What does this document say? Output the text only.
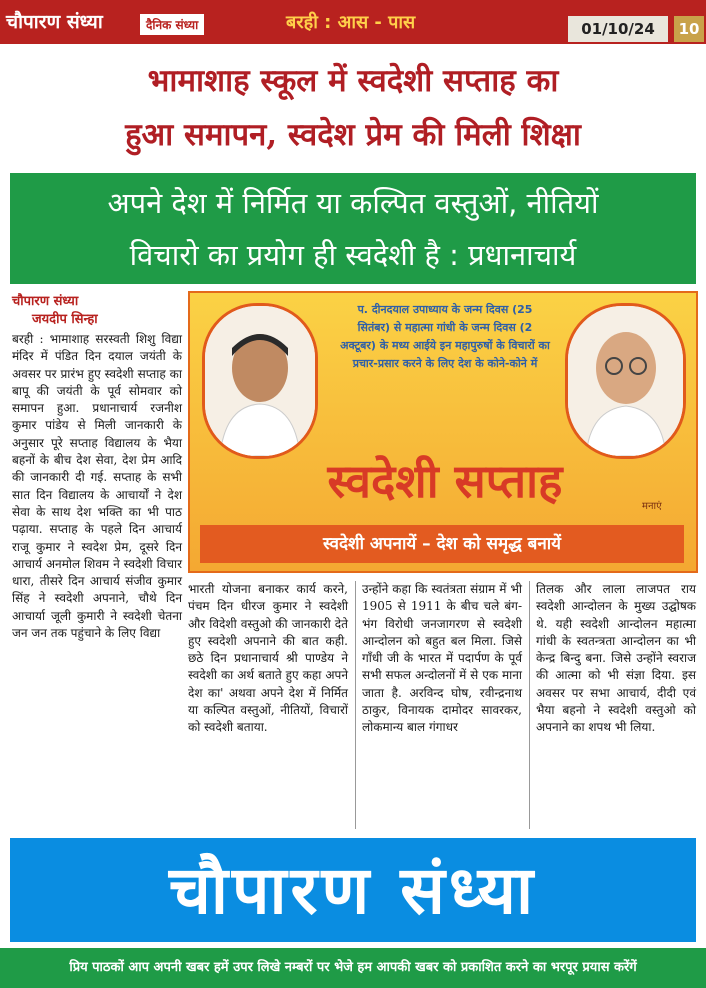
चौपारण संध्या	दैनिक संध्या	बरही : आस - पास	01/10/24	10
भामाशाह स्कूल में स्वदेशी सप्ताह का
हुआ समापन, स्वदेश प्रेम की मिली शिक्षा
अपने देश में निर्मित या कल्पित वस्तुओं, नीतियों
विचारो का प्रयोग ही स्वदेशी है : प्रधानाचार्य
चौपारण संध्या
जयदीप सिन्हा
बरही : भामाशाह सरस्वती शिशु विद्या मंदिर में पंडित दिन दयाल जयंती के अवसर पर प्रारंभ हुए स्वदेशी सप्ताह का बापू की जयंती के पूर्व सोमवार को समापन हुआ. प्रधानाचार्य रजनीश कुमार पांडेय से मिली जानकारी के अनुसार पूरे सप्ताह विद्यालय के भैया बहनों के बीच देश सेवा, देश प्रेम आदि की जानकारी दी गई. सप्ताह के सभी सात दिन विद्यालय के आचार्यों ने देश सेवा के साथ देश भक्ति का भी पाठ पढ़ाया. सप्ताह के पहले दिन आचार्य राजू कुमार ने स्वदेश प्रेम, दूसरे दिन आचार्य अनमोल शिवम ने स्वदेशी विचार धारा, तीसरे दिन आचार्य संजीव कुमार सिंह ने स्वदेशी अपनाने, चौथे दिन आचार्या जूली कुमारी ने स्वदेशी चेतना जन जन तक पहुंचाने के लिए विद्या
प. दीनदयाल उपाध्याय के जन्म दिवस (25 सितंबर) से महात्मा गांधी के जन्म दिवस (2 अक्टूबर) के मध्य आईये इन महापुरुषों के विचारों का प्रचार-प्रसार करने के लिए देश के कोने-कोने में
स्वदेशी सप्ताह	मनाएं
स्वदेशी अपनायें – देश को समृद्ध बनायें
भारती योजना बनाकर कार्य करने, पंचम दिन धीरज कुमार ने स्वदेशी और विदेशी वस्तुओ की जानकारी देते हुए स्वदेशी अपनाने की बात कही. छठे दिन प्रधानाचार्य श्री पाण्डेय ने स्वदेशी का अर्थ बताते हुए कहा अपने देश का' अथवा अपने देश में निर्मित या कल्पित वस्तुओं, नीतियों, विचारों को स्वदेशी बताया.
उन्होंने कहा कि स्वतंत्रता संग्राम में भी 1905 से 1911 के बीच चले बंग-भंग विरोधी जनजागरण से स्वदेशी आन्दोलन को बहुत बल मिला. जिसे गाँधी जी के भारत में पदार्पण के पूर्व सभी सफल अन्दोलनों में से एक माना जाता है. अरविन्द घोष, रवीन्द्रनाथ ठाकुर, विनायक दामोदर सावरकर, लोकमान्य बाल गंगाधर
तिलक और लाला लाजपत राय स्वदेशी आन्दोलन के मुख्य उद्घोषक थे. यही स्वदेशी आन्दोलन महात्मा गांधी के स्वतन्त्रता आन्दोलन का भी केन्द्र बिन्दु बना. जिसे उन्होंने स्वराज की आत्मा को भी संज्ञा दिया. इस अवसर पर सभा आचार्य, दीदी एवं भैया बहनो ने स्वदेशी वस्तुओ को अपनाने का शपथ भी लिया.
चौपारण संध्या
प्रिय पाठकों आप अपनी खबर हमें उपर लिखे नम्बरों पर भेजे हम आपकी खबर को प्रकाशित करने का भरपूर प्रयास करेंगें
